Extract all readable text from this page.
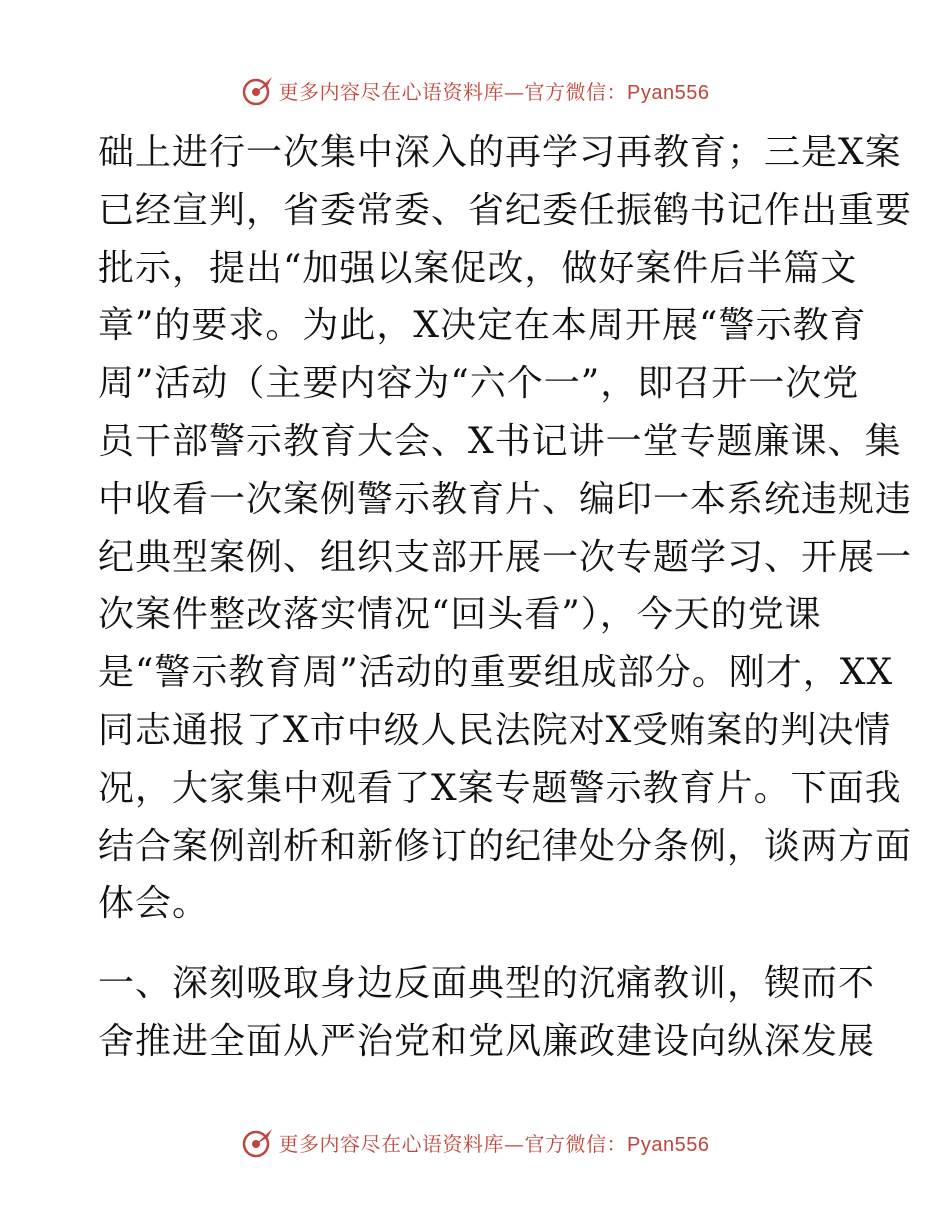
更多内容尽在心语资料库—官方微信：Pyan556
础上进行一次集中深入的再学习再教育；三是X案
已经宣判，省委常委、省纪委任振鹤书记作出重要
批示，提出“加强以案促改，做好案件后半篇文
章”的要求。为此，X决定在本周开展“警示教育
周”活动（主要内容为“六个一”，即召开一次党
员干部警示教育大会、X书记讲一堂专题廉课、集
中收看一次案例警示教育片、编印一本系统违规违
纪典型案例、组织支部开展一次专题学习、开展一
次案件整改落实情况“回头看”），今天的党课
是“警示教育周”活动的重要组成部分。刚才，XX
同志通报了X市中级人民法院对X受贿案的判决情
况，大家集中观看了X案专题警示教育片。下面我
结合案例剖析和新修订的纪律处分条例，谈两方面
体会。
一、深刻吸取身边反面典型的沉痛教训，锲而不
舍推进全面从严治党和党风廉政建设向纵深发展
更多内容尽在心语资料库—官方微信：Pyan556
